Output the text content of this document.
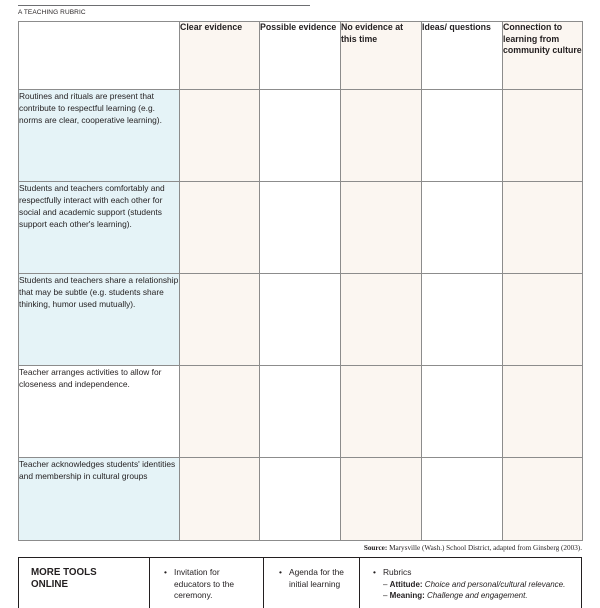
A TEACHING RUBRIC
	Clear evidence	Possible evidence	No evidence at this time	Ideas/ questions	Connection to learning from community culture
Routines and rituals are present that contribute to respectful learning (e.g. norms are clear, cooperative learning).					
Students and teachers comfortably and respectfully interact with each other for social and academic support (students support each other's learning).					
Students and teachers share a relationship that may be subtle (e.g. students share thinking, humor used mutually).					
Teacher arranges activities to allow for closeness and independence.					
Teacher acknowledges students' identities and membership in cultural groups					
Source: Marysville (Wash.) School District, adapted from Ginsberg (2003).
MORE TOOLS ONLINE
• Invitation for educators to the ceremony.
• Agenda for the initial learning
• Rubrics
– Attitude: Choice and personal/cultural relevance.
– Meaning: Challenge and engagement.
